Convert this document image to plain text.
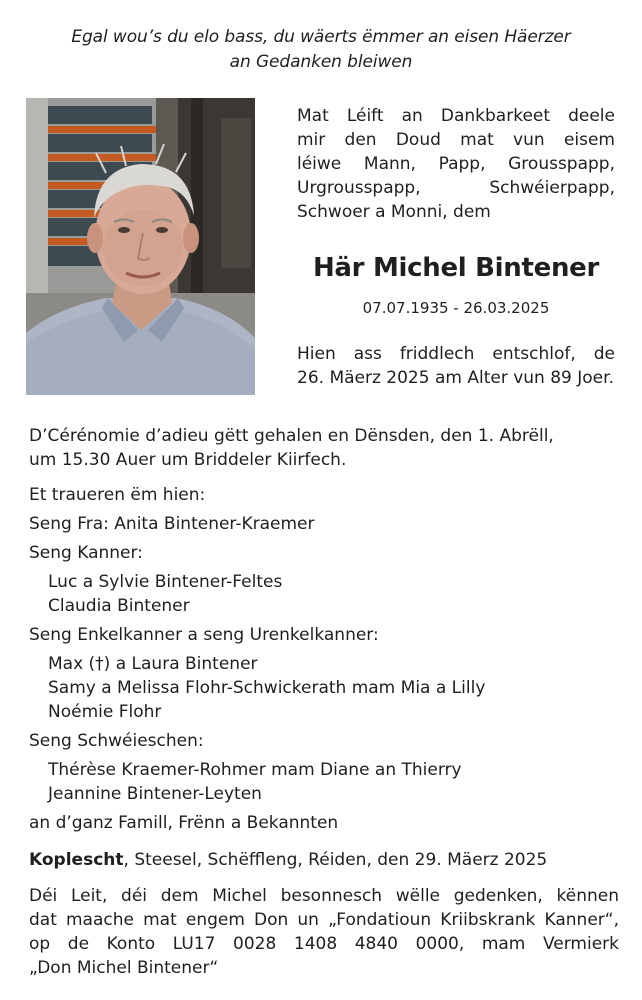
Egal wou’s du elo bass, du wäerts ëmmer an eisen Häerzer
an Gedanken bleiwen
Mat Léift an Dankbarkeet deele
mir den Doud mat vun eisem
léiwe Mann, Papp, Grousspapp,
Urgrousspapp, Schwéierpapp,
Schwoer a Monni, dem
Här Michel Bintener
07.07.1935 - 26.03.2025
Hien ass friddlech entschlof, de
26. Mäerz 2025 am Alter vun 89 Joer.
D’Cérénomie d’adieu gëtt gehalen en Dënsden, den 1. Abrëll,
um 15.30 Auer um Briddeler Kiirfech.
Et traueren ëm hien:
Seng Fra: Anita Bintener-Kraemer
Seng Kanner:
Luc a Sylvie Bintener-Feltes
Claudia Bintener
Seng Enkelkanner a seng Urenkelkanner:
Max (†) a Laura Bintener
Samy a Melissa Flohr-Schwickerath mam Mia a Lilly
Noémie Flohr
Seng Schwéieschen:
Thérèse Kraemer-Rohmer mam Diane an Thierry
Jeannine Bintener-Leyten
an d’ganz Famill, Frënn a Bekannten
Koplescht, Steesel, Schëffleng, Réiden, den 29. Mäerz 2025
Déi Leit, déi dem Michel besonnesch wëlle gedenken, kënnen
dat maache mat engem Don un „Fondatioun Kriibskrank Kanner“,
op de Konto LU17 0028 1408 4840 0000, mam Vermierk
„Don Michel Bintener“
